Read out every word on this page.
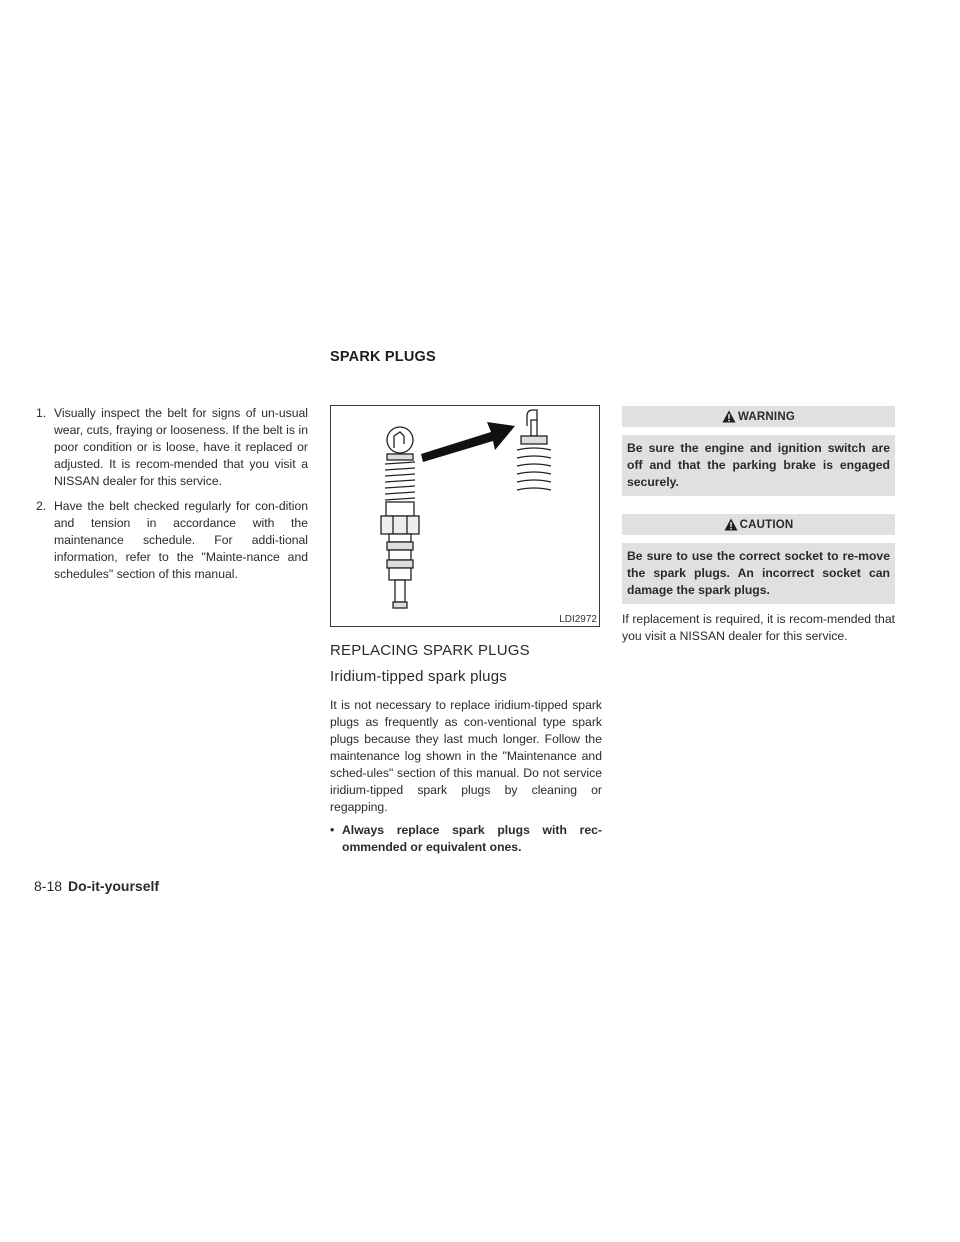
SPARK PLUGS
1. Visually inspect the belt for signs of un-usual wear, cuts, fraying or looseness. If the belt is in poor condition or is loose, have it replaced or adjusted. It is recom-mended that you visit a NISSAN dealer for this service.
2. Have the belt checked regularly for con-dition and tension in accordance with the maintenance schedule. For addi-tional information, refer to the "Mainte-nance and schedules" section of this manual.
LDI2972
REPLACING SPARK PLUGS
Iridium-tipped spark plugs
It is not necessary to replace iridium-tipped spark plugs as frequently as con-ventional type spark plugs because they last much longer. Follow the maintenance log shown in the "Maintenance and sched-ules" section of this manual. Do not service iridium-tipped spark plugs by cleaning or regapping.
• Always replace spark plugs with rec-ommended or equivalent ones.
WARNING
Be sure the engine and ignition switch are off and that the parking brake is engaged securely.
CAUTION
Be sure to use the correct socket to re-move the spark plugs. An incorrect socket can damage the spark plugs.
If replacement is required, it is recom-mended that you visit a NISSAN dealer for this service.
8-18 Do-it-yourself
